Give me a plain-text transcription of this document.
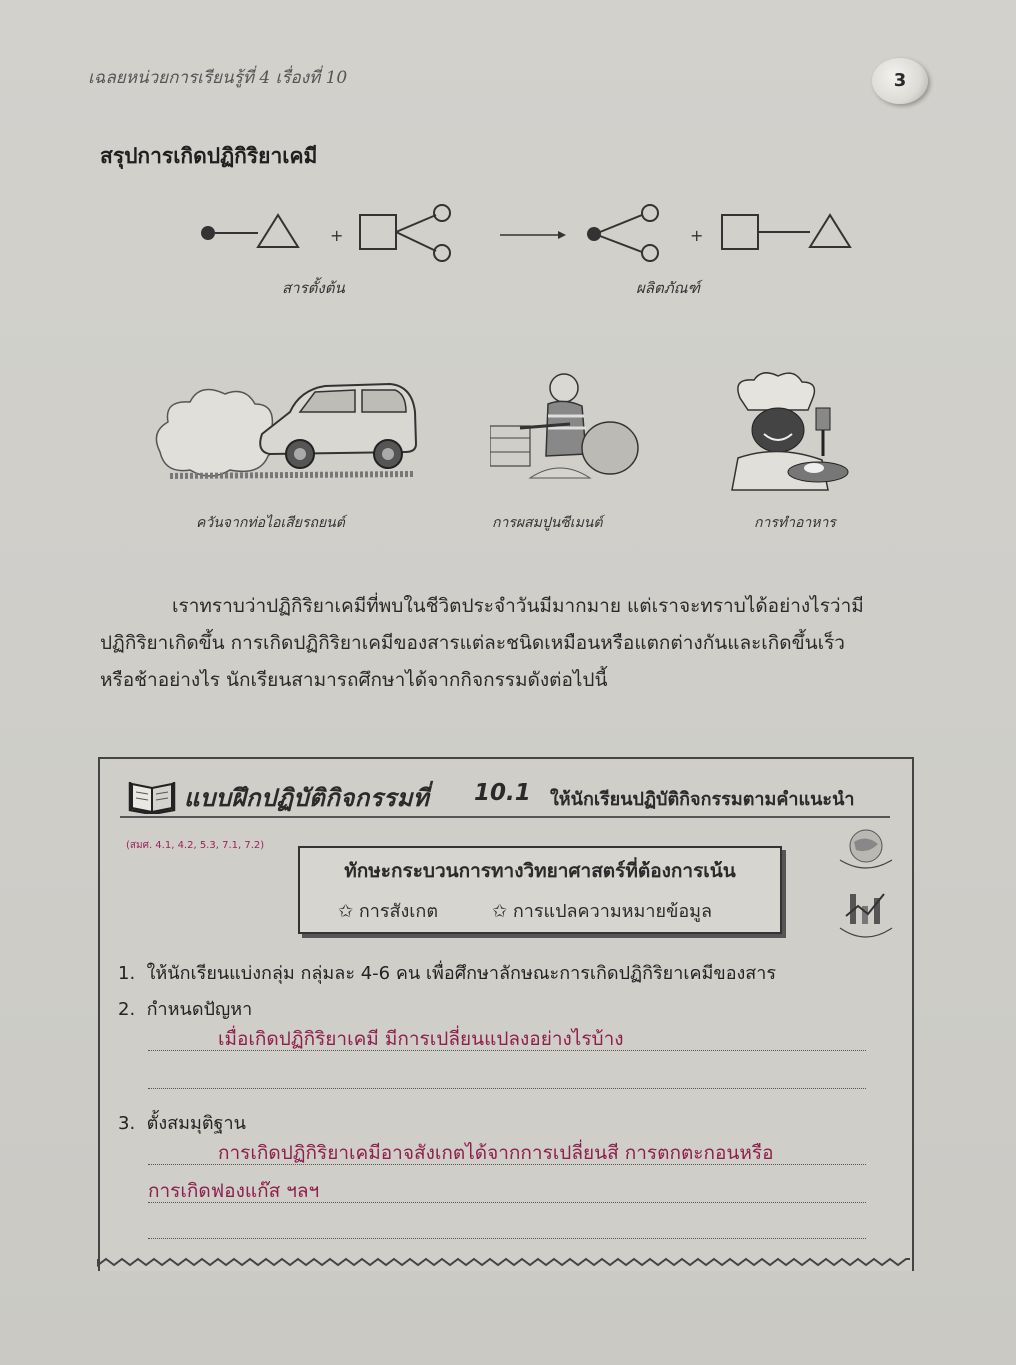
เฉลยหน่วยการเรียนรู้ที่ 4 เรื่องที่ 10	3
สรุปการเกิดปฏิกิริยาเคมี
+	+
สารตั้งต้น	ผลิตภัณฑ์
ควันจากท่อไอเสียรถยนต์	การผสมปูนซีเมนต์	การทำอาหาร
เราทราบว่าปฏิกิริยาเคมีที่พบในชีวิตประจำวันมีมากมาย แต่เราจะทราบได้อย่างไรว่ามี
ปฏิกิริยาเกิดขึ้น การเกิดปฏิกิริยาเคมีของสารแต่ละชนิดเหมือนหรือแตกต่างกันและเกิดขึ้นเร็ว
หรือช้าอย่างไร นักเรียนสามารถศึกษาได้จากกิจกรรมดังต่อไปนี้
แบบฝึกปฏิบัติกิจกรรมที่ 10.1 ให้นักเรียนปฏิบัติกิจกรรมตามคำแนะนำ
(สมศ. 4.1, 4.2, 5.3, 7.1, 7.2)
ทักษะกระบวนการทางวิทยาศาสตร์ที่ต้องการเน้น
✩ การสังเกต	✩ การแปลความหมายข้อมูล
1. ให้นักเรียนแบ่งกลุ่ม กลุ่มละ 4-6 คน เพื่อศึกษาลักษณะการเกิดปฏิกิริยาเคมีของสาร
2. กำหนดปัญหา
เมื่อเกิดปฏิกิริยาเคมี มีการเปลี่ยนแปลงอย่างไรบ้าง
3. ตั้งสมมุติฐาน
การเกิดปฏิกิริยาเคมีอาจสังเกตได้จากการเปลี่ยนสี การตกตะกอนหรือ
การเกิดฟองแก๊ส ฯลฯ
